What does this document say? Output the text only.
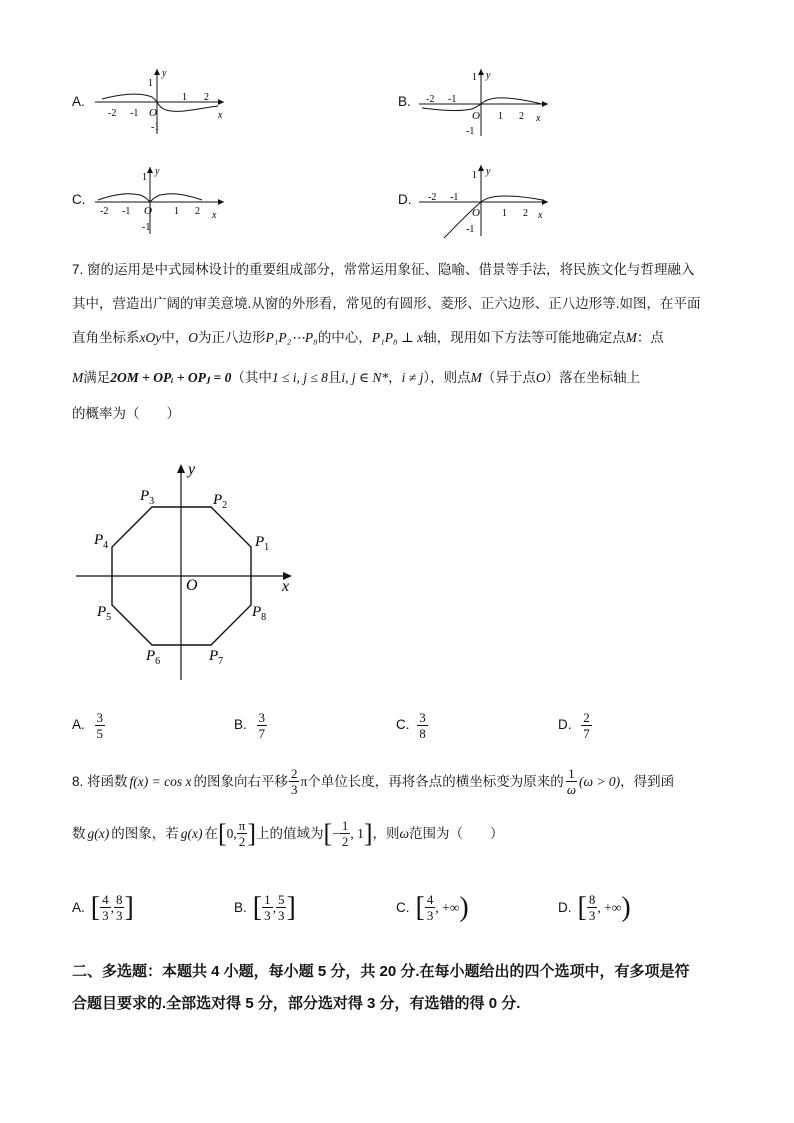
A.
1
y
-2 -1 O
1 2
-1
x
B.
1 y
-2 -1
O 1 2
-1
x
C.
1
y
-2 -1 O 1 2
-1
x
D.
1 y
-2 -1
O 1 2
-1
x
7. 窗的运用是中式园林设计的重要组成部分，常常运用象征、隐喻、借景等手法，将民族文化与哲理融入
其中，营造出广阔的审美意境.从窗的外形看，常见的有圆形、菱形、正六边形、正八边形等.如图，在平面
直角坐标系xOy中，O为正八边形P₁P₂⋯P₈的中心，P₁P₈ ⊥ x轴，现用如下方法等可能地确定点M：点
M满足2OM + OPᵢ + OPⱼ = 0（其中1 ≤ i, j ≤ 8且i, j ∈ N*，i ≠ j），则点M（异于点O）落在坐标轴上
的概率为（　　）
y
x
O
$P_1$
$P_2$
$P_3$
$P_4$
$P_5$
$P_6$	$P_7$
$P_8$
A. $\frac{3}{5}$	B. $\frac{3}{7}$	C. $\frac{3}{8}$	D. $\frac{2}{7}$
8. 将函数 f(x) = cos x 的图象向右平移 $\frac{2}{3}$ π 个单位长度，再将各点的横坐标变为原来的 $\frac{1}{\omega} (\omega > 0)$ ，得到函
数 g(x) 的图象，若 g(x) 在 [ 0, $\frac{\pi}{2}$ ] 上的值域为 [ − $\frac{1}{2}$ , 1 ] ，则 ω 范围为（　　）
A. [ $\frac{4}{3}$ , $\frac{8}{3}$ ]	B. [ $\frac{1}{3}$ , $\frac{5}{3}$ ]	C. [ $\frac{4}{3}$ , +∞ )	D. [ $\frac{8}{3}$ , +∞ )
二、多选题：本题共 4 小题，每小题 5 分，共 20 分.在每小题给出的四个选项中，有多项是符
合题目要求的.全部选对得 5 分，部分选对得 3 分，有选错的得 0 分.
